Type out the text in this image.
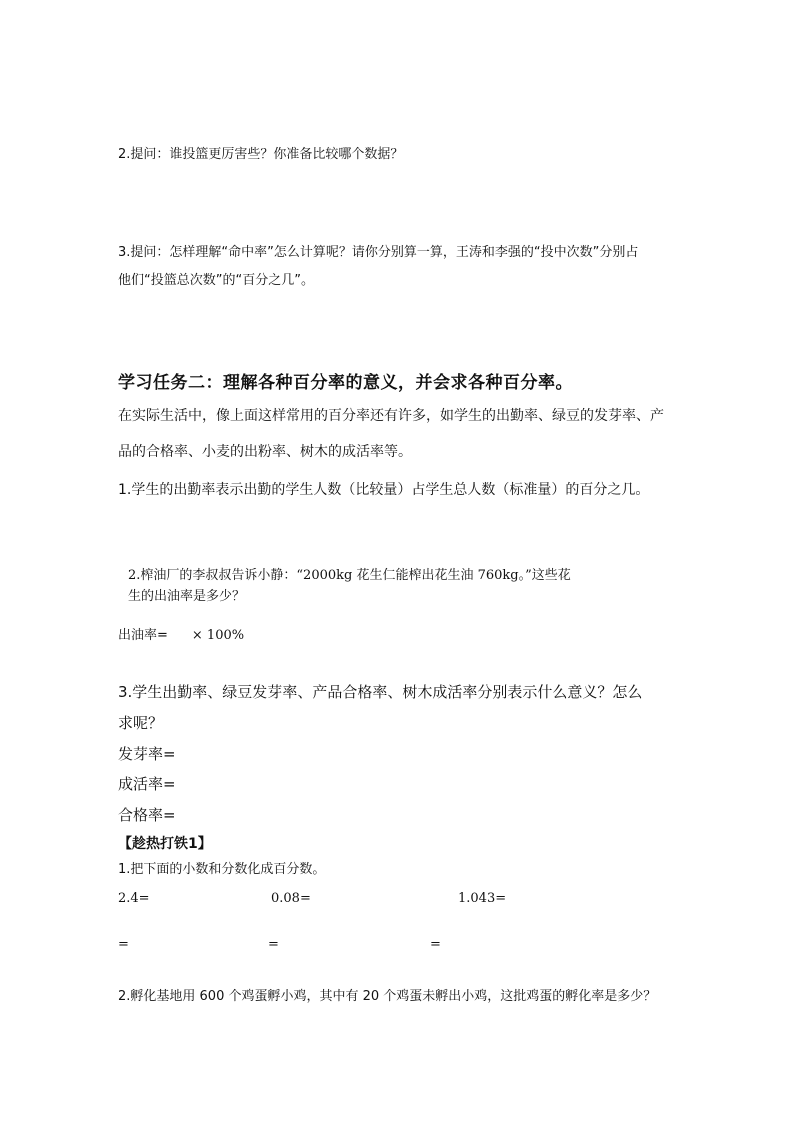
2.提问：谁投篮更厉害些？你准备比较哪个数据？
3.提问：怎样理解“命中率”怎么计算呢？请你分别算一算，王涛和李强的“投中次数”分别占
他们“投篮总次数”的“百分之几”。
学习任务二：理解各种百分率的意义，并会求各种百分率。
在实际生活中，像上面这样常用的百分率还有许多，如学生的出勤率、绿豆的发芽率、产
品的合格率、小麦的出粉率、树木的成活率等。
1.学生的出勤率表示出勤的学生人数（比较量）占学生总人数（标准量）的百分之几。
2.榨油厂的李叔叔告诉小静：“2000kg 花生仁能榨出花生油 760kg。”这些花
生的出油率是多少？
出油率= × 100%
3.学生出勤率、绿豆发芽率、产品合格率、树木成活率分别表示什么意义？怎么
求呢？
发芽率=
成活率=
合格率=
【趁热打铁1】
1.把下面的小数和分数化成百分数。
2.4=	0.08=	1.043=
=	=	=
2.孵化基地用 600 个鸡蛋孵小鸡，其中有 20 个鸡蛋未孵出小鸡，这批鸡蛋的孵化率是多少？
